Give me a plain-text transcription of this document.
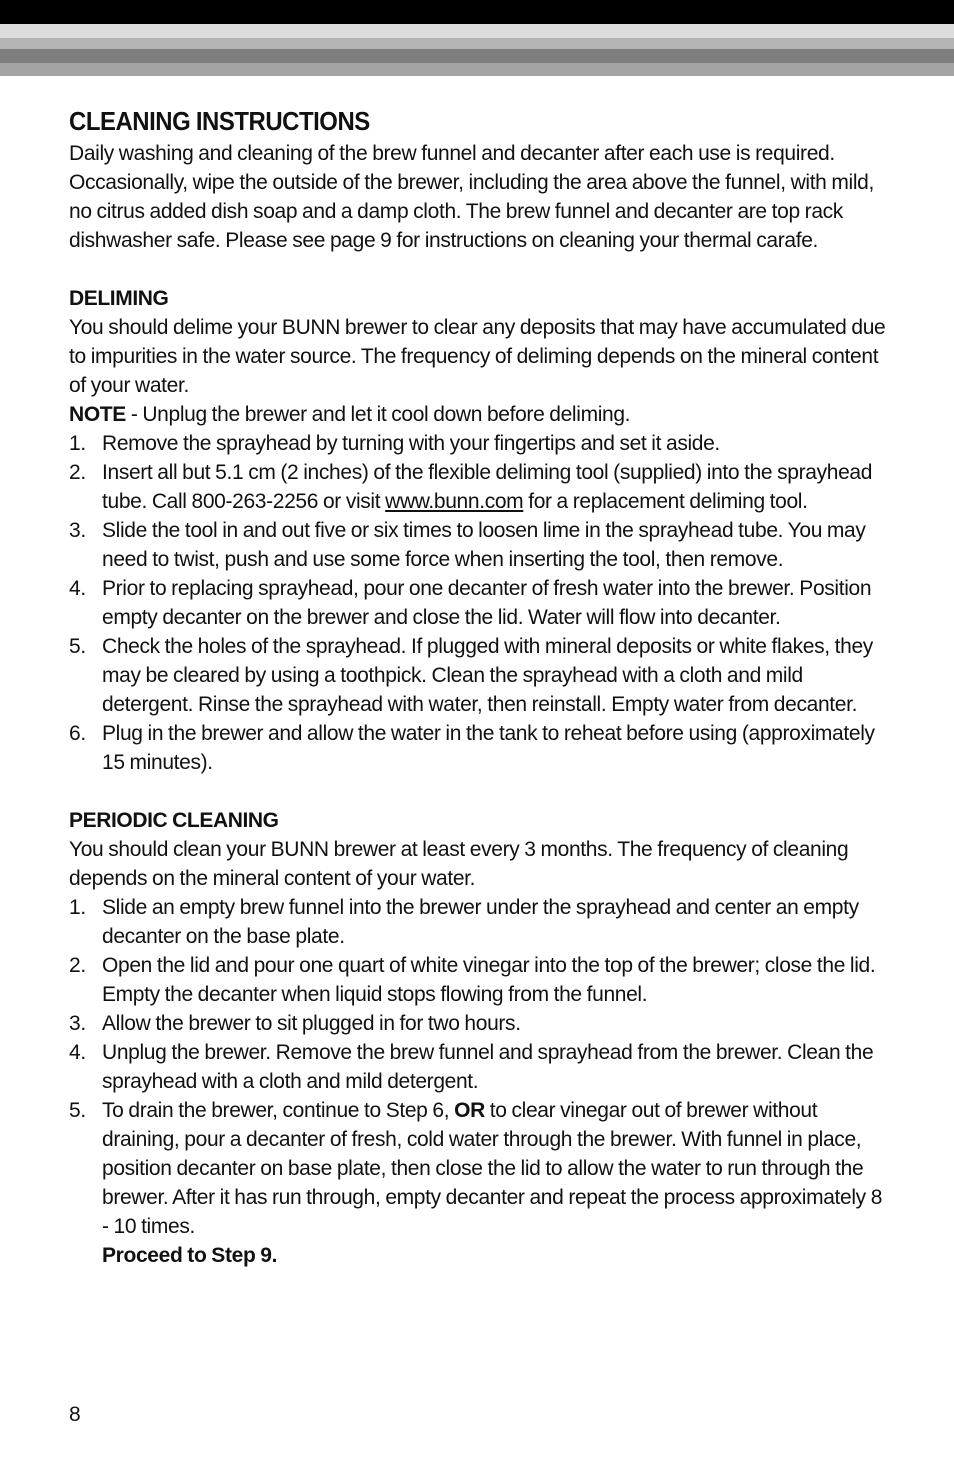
CLEANING INSTRUCTIONS

Daily washing and cleaning of the brew funnel and decanter after each use is required. Occasionally, wipe the outside of the brewer, including the area above the funnel, with mild, no citrus added dish soap and a damp cloth. The brew funnel and decanter are top rack dishwasher safe. Please see page 9 for instructions on cleaning your thermal carafe.

DELIMING

You should delime your BUNN brewer to clear any deposits that may have accumulated due to impurities in the water source. The frequency of deliming depends on the mineral content of your water.

NOTE - Unplug the brewer and let it cool down before deliming.

1. Remove the sprayhead by turning with your fingertips and set it aside.
2. Insert all but 5.1 cm (2 inches) of the flexible deliming tool (supplied) into the sprayhead tube. Call 800-263-2256 or visit www.bunn.com for a replacement deliming tool.
3. Slide the tool in and out five or six times to loosen lime in the sprayhead tube. You may need to twist, push and use some force when inserting the tool, then remove.
4. Prior to replacing sprayhead, pour one decanter of fresh water into the brewer. Position empty decanter on the brewer and close the lid. Water will flow into decanter.
5. Check the holes of the sprayhead. If plugged with mineral deposits or white flakes, they may be cleared by using a toothpick. Clean the sprayhead with a cloth and mild detergent. Rinse the sprayhead with water, then reinstall. Empty water from decanter.
6. Plug in the brewer and allow the water in the tank to reheat before using (approximately 15 minutes).
PERIODIC CLEANING

You should clean your BUNN brewer at least every 3 months. The frequency of cleaning depends on the mineral content of your water.

1. Slide an empty brew funnel into the brewer under the sprayhead and center an empty decanter on the base plate.
2. Open the lid and pour one quart of white vinegar into the top of the brewer; close the lid. Empty the decanter when liquid stops flowing from the funnel.
3. Allow the brewer to sit plugged in for two hours.
4. Unplug the brewer. Remove the brew funnel and sprayhead from the brewer. Clean the sprayhead with a cloth and mild detergent.
5. To drain the brewer, continue to Step 6, OR to clear vinegar out of brewer without draining, pour a decanter of fresh, cold water through the brewer. With funnel in place, position decanter on base plate, then close the lid to allow the water to run through the brewer. After it has run through, empty decanter and repeat the process approximately 8 - 10 times.
Proceed to Step 9.
8
